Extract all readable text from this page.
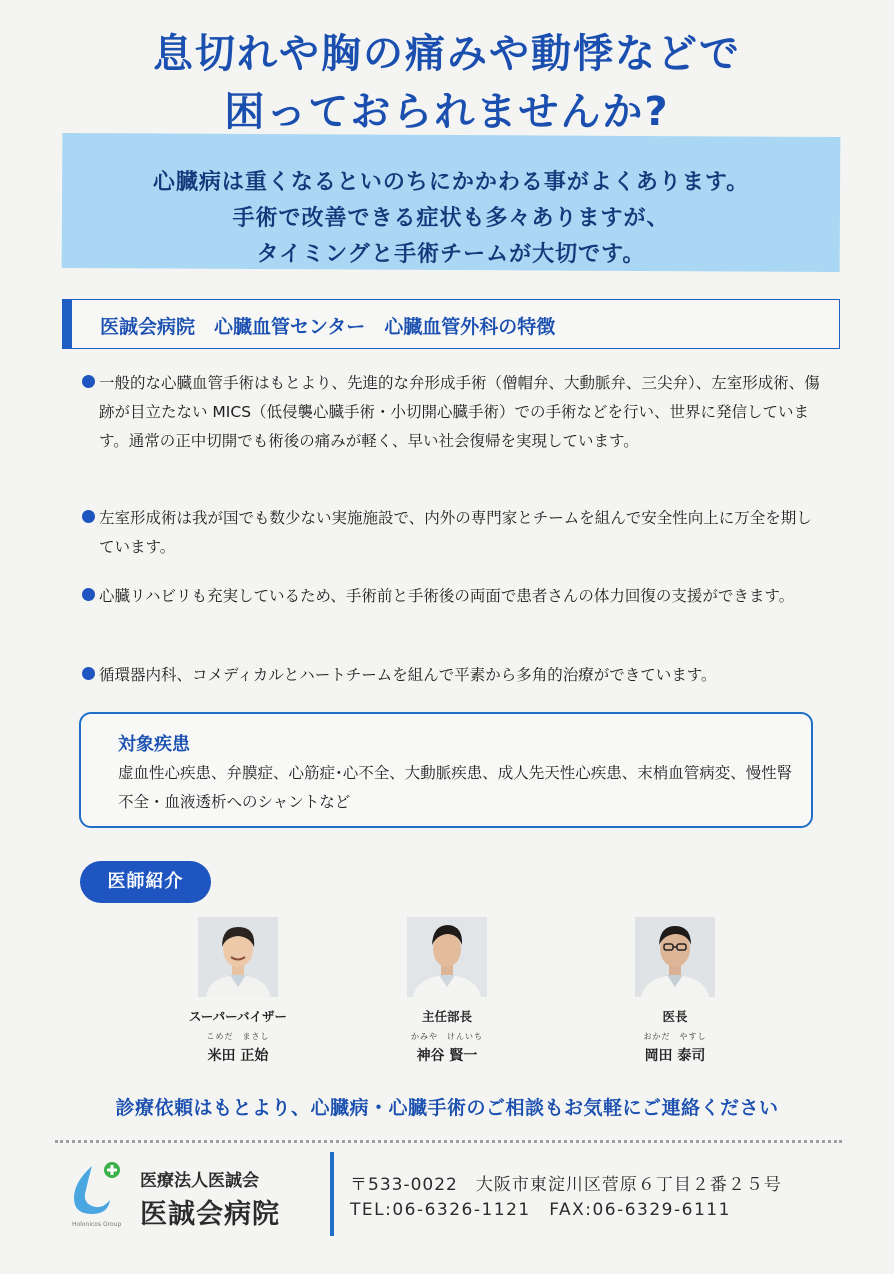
息切れや胸の痛みや動悸などで
困っておられませんか?
心臓病は重くなるといのちにかかわる事がよくあります。
手術で改善できる症状も多々ありますが、
タイミングと手術チームが大切です。
医誠会病院　心臓血管センター　心臓血管外科の特徴

一般的な心臓血管手術はもとより、先進的な弁形成手術（僧帽弁、大動脈弁、三尖弁）、左室形成術、傷跡が目立たない MICS（低侵襲心臓手術・小切開心臓手術）での手術などを行い、世界に発信しています。通常の正中切開でも術後の痛みが軽く、早い社会復帰を実現しています。

左室形成術は我が国でも数少ない実施施設で、内外の専門家とチームを組んで安全性向上に万全を期しています。

心臓リハビリも充実しているため、手術前と手術後の両面で患者さんの体力回復の支援ができます。

循環器内科、コメディカルとハートチームを組んで平素から多角的治療ができています。

対象疾患
虚血性心疾患、弁膜症、心筋症･心不全、大動脈疾患、成人先天性心疾患、末梢血管病変、慢性腎不全・血液透析へのシャントなど
医師紹介
スーパーバイザー
こめだ　まさし
米田 正始
主任部長
かみや　けんいち
神谷 賢一
医長
おかだ　やすし
岡田 泰司
診療依頼はもとより、心臓病・心臓手術のご相談もお気軽にご連絡ください
Holonicos Group
医療法人医誠会
医誠会病院
〒533-0022　大阪市東淀川区菅原６丁目２番２５号
TEL:06-6326-1121　FAX:06-6329-6111
